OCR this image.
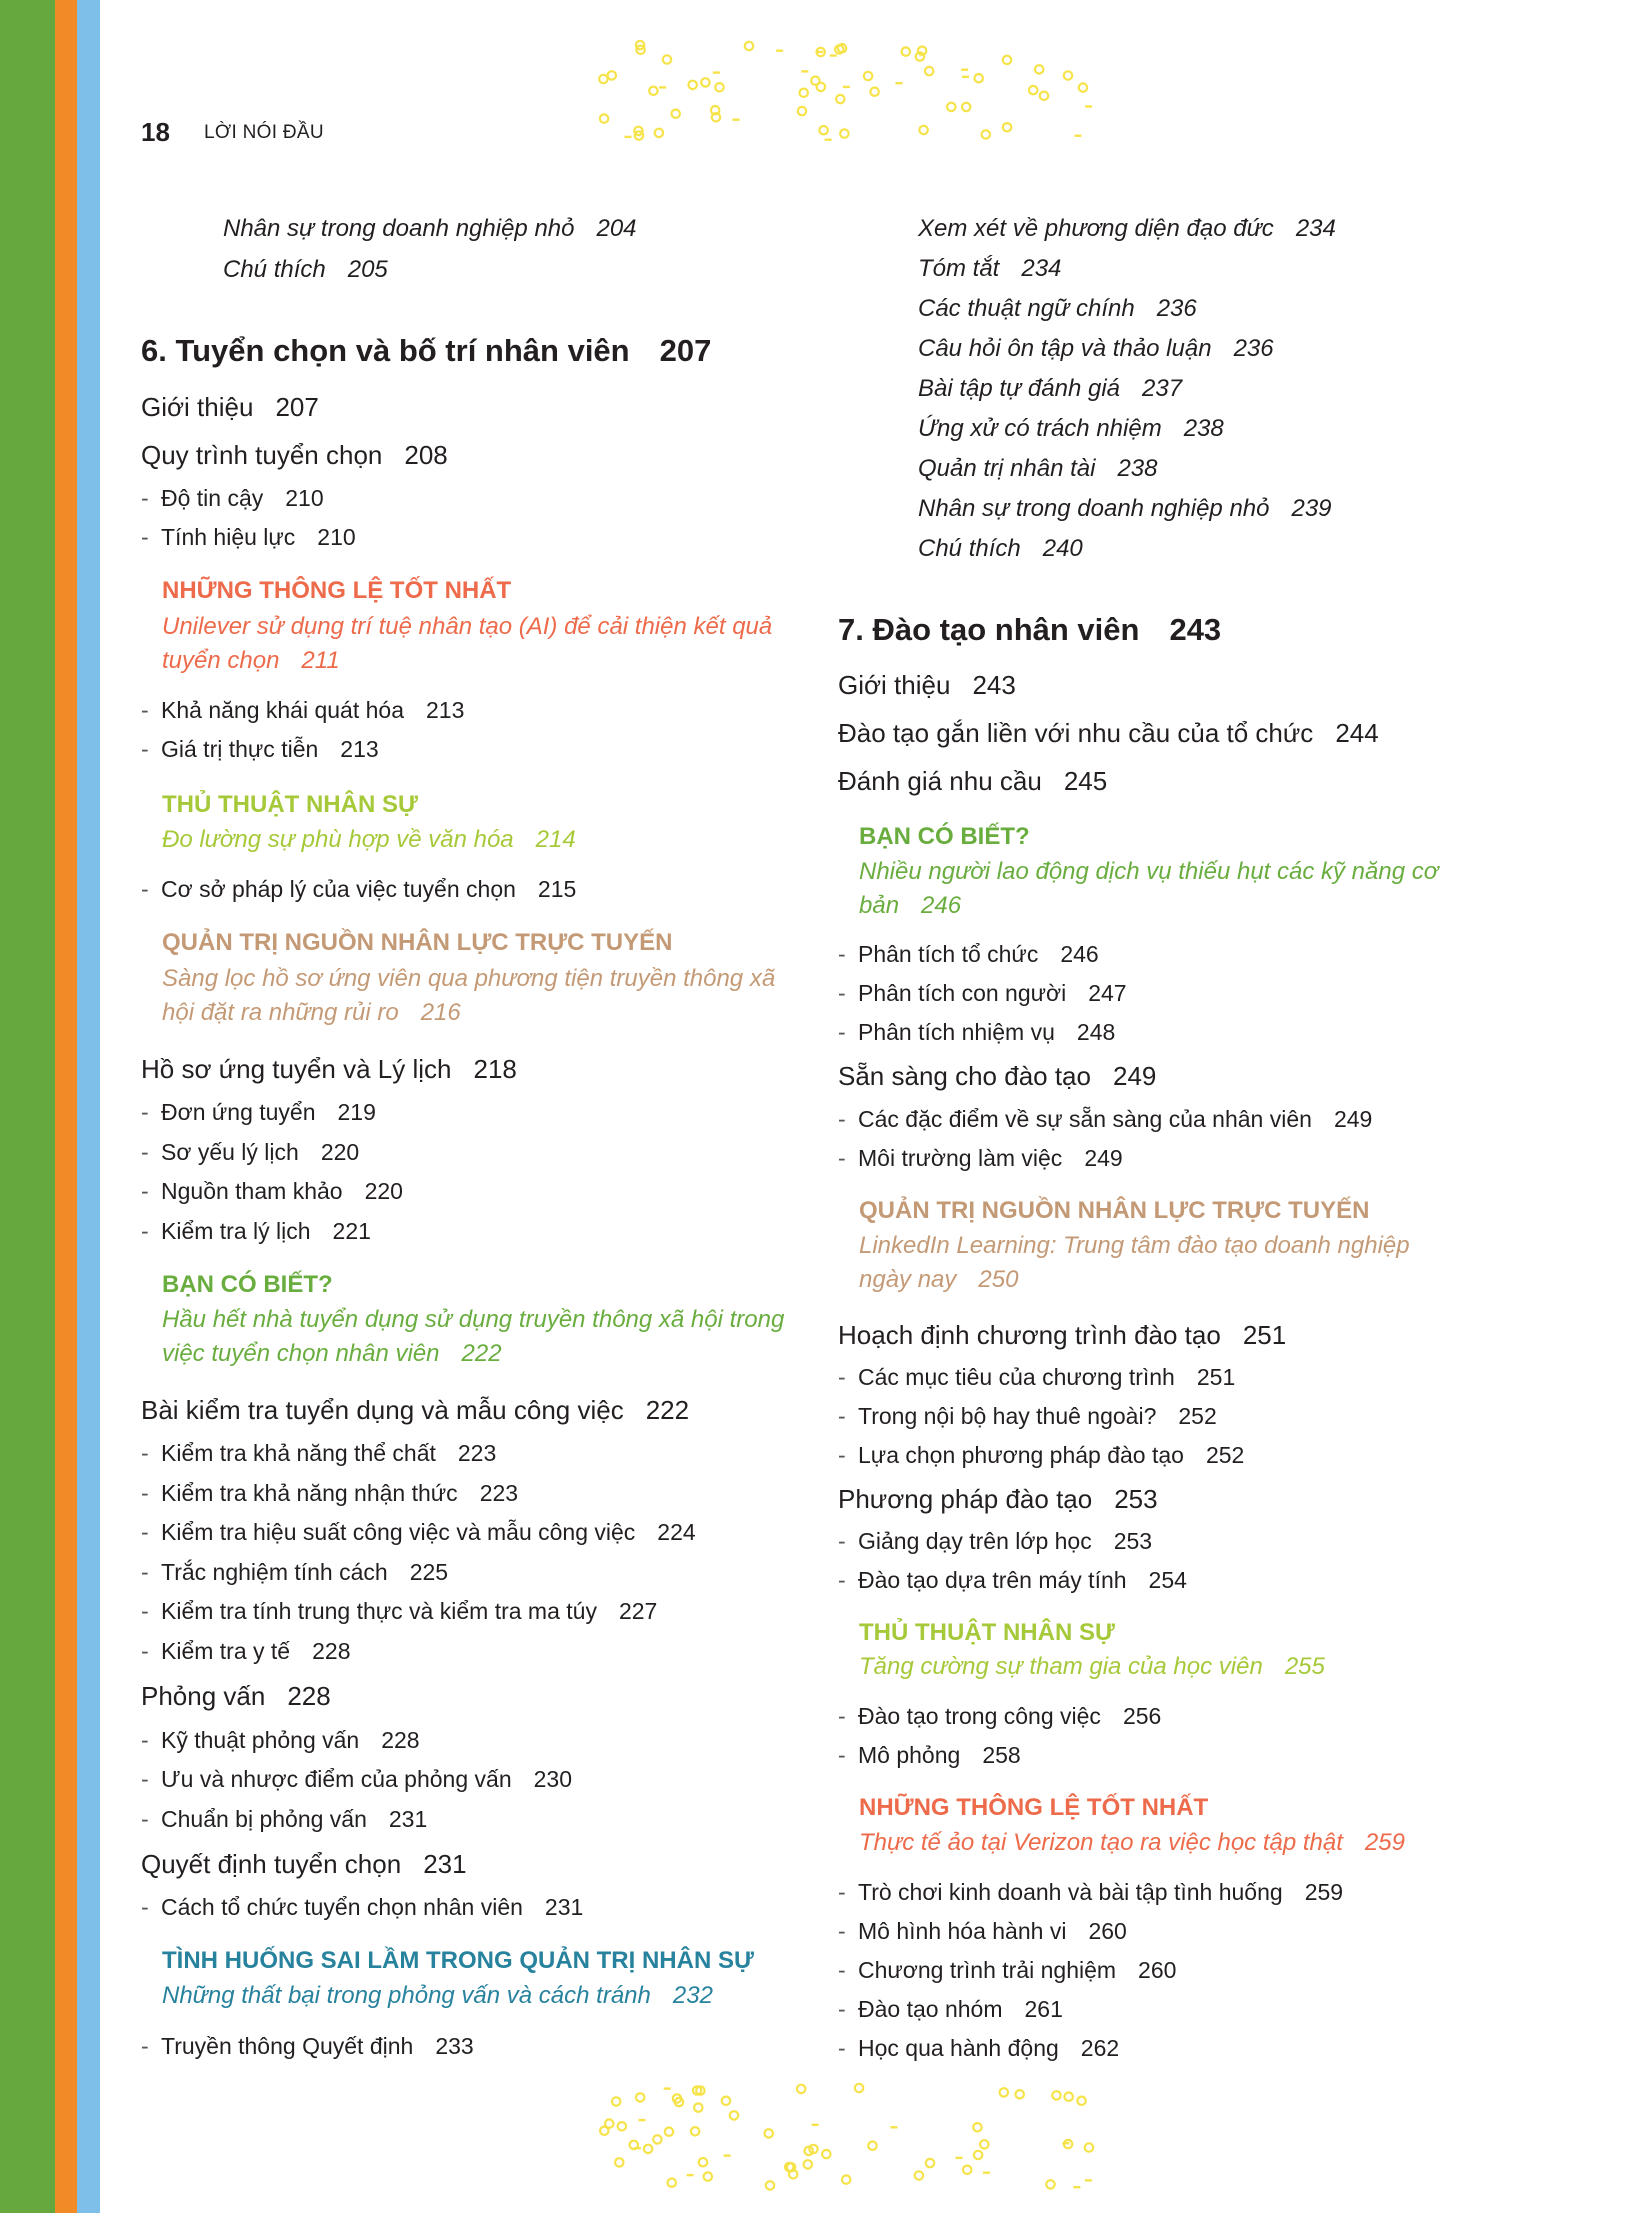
18 LỜI NÓI ĐẦU
Nhân sự trong doanh nghiệp nhỏ 204
Chú thích 205
6. Tuyển chọn và bố trí nhân viên 207
Giới thiệu 207
Quy trình tuyển chọn 208
- Độ tin cậy 210
- Tính hiệu lực 210
NHỮNG THÔNG LỆ TỐT NHẤT
Unilever sử dụng trí tuệ nhân tạo (AI) để cải thiện kết quả tuyển chọn 211
- Khả năng khái quát hóa 213
- Giá trị thực tiễn 213
THỦ THUẬT NHÂN SỰ
Đo lường sự phù hợp về văn hóa 214
- Cơ sở pháp lý của việc tuyển chọn 215
QUẢN TRỊ NGUỒN NHÂN LỰC TRỰC TUYẾN
Sàng lọc hồ sơ ứng viên qua phương tiện truyền thông xã hội đặt ra những rủi ro 216
Hồ sơ ứng tuyển và Lý lịch 218
- Đơn ứng tuyển 219
- Sơ yếu lý lịch 220
- Nguồn tham khảo 220
- Kiểm tra lý lịch 221
BẠN CÓ BIẾT?
Hầu hết nhà tuyển dụng sử dụng truyền thông xã hội trong việc tuyển chọn nhân viên 222
Bài kiểm tra tuyển dụng và mẫu công việc 222
- Kiểm tra khả năng thể chất 223
- Kiểm tra khả năng nhận thức 223
- Kiểm tra hiệu suất công việc và mẫu công việc 224
- Trắc nghiệm tính cách 225
- Kiểm tra tính trung thực và kiểm tra ma túy 227
- Kiểm tra y tế 228
Phỏng vấn 228
- Kỹ thuật phỏng vấn 228
- Ưu và nhược điểm của phỏng vấn 230
- Chuẩn bị phỏng vấn 231
Quyết định tuyển chọn 231
- Cách tổ chức tuyển chọn nhân viên 231
TÌNH HUỐNG SAI LẦM TRONG QUẢN TRỊ NHÂN SỰ
Những thất bại trong phỏng vấn và cách tránh 232
- Truyền thông Quyết định 233
Xem xét về phương diện đạo đức 234
Tóm tắt 234
Các thuật ngữ chính 236
Câu hỏi ôn tập và thảo luận 236
Bài tập tự đánh giá 237
Ứng xử có trách nhiệm 238
Quản trị nhân tài 238
Nhân sự trong doanh nghiệp nhỏ 239
Chú thích 240
7. Đào tạo nhân viên 243
Giới thiệu 243
Đào tạo gắn liền với nhu cầu của tổ chức 244
Đánh giá nhu cầu 245
BẠN CÓ BIẾT?
Nhiều người lao động dịch vụ thiếu hụt các kỹ năng cơ bản 246
- Phân tích tổ chức 246
- Phân tích con người 247
- Phân tích nhiệm vụ 248
Sẵn sàng cho đào tạo 249
- Các đặc điểm về sự sẵn sàng của nhân viên 249
- Môi trường làm việc 249
QUẢN TRỊ NGUỒN NHÂN LỰC TRỰC TUYẾN
LinkedIn Learning: Trung tâm đào tạo doanh nghiệp ngày nay 250
Hoạch định chương trình đào tạo 251
- Các mục tiêu của chương trình 251
- Trong nội bộ hay thuê ngoài? 252
- Lựa chọn phương pháp đào tạo 252
Phương pháp đào tạo 253
- Giảng dạy trên lớp học 253
- Đào tạo dựa trên máy tính 254
THỦ THUẬT NHÂN SỰ
Tăng cường sự tham gia của học viên 255
- Đào tạo trong công việc 256
- Mô phỏng 258
NHỮNG THÔNG LỆ TỐT NHẤT
Thực tế ảo tại Verizon tạo ra việc học tập thật 259
- Trò chơi kinh doanh và bài tập tình huống 259
- Mô hình hóa hành vi 260
- Chương trình trải nghiệm 260
- Đào tạo nhóm 261
- Học qua hành động 262
